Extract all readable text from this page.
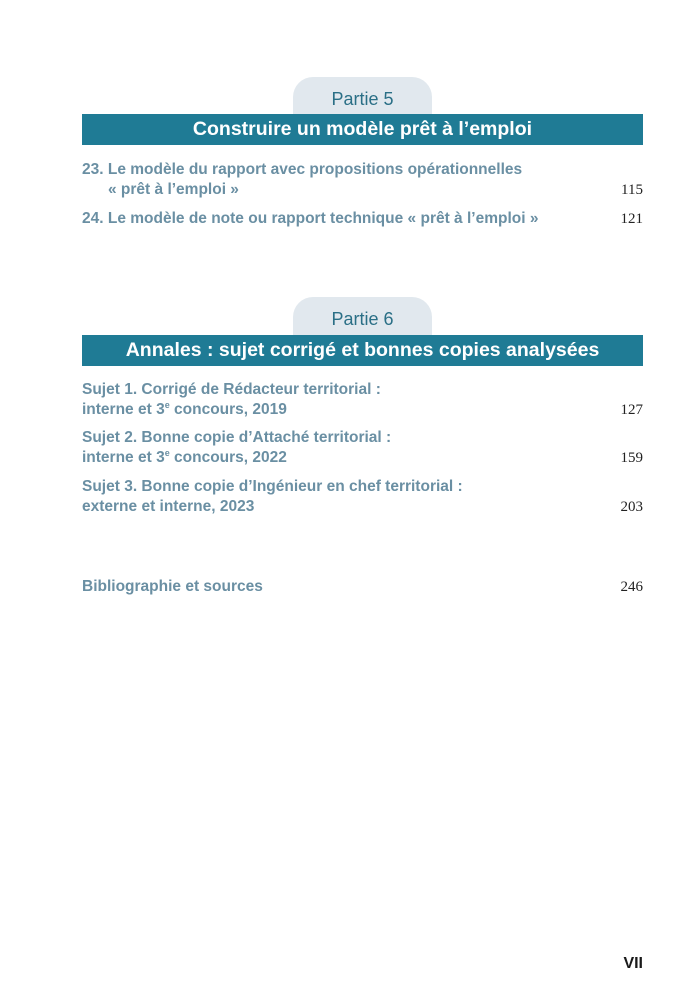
Partie 5
Construire un modèle prêt à l’emploi
23. Le modèle du rapport avec propositions opérationnelles
« prêt à l’emploi »	115
24. Le modèle de note ou rapport technique « prêt à l’emploi »	121
Partie 6
Annales : sujet corrigé et bonnes copies analysées
Sujet 1. Corrigé de Rédacteur territorial :
interne et 3e concours, 2019	127
Sujet 2. Bonne copie d’Attaché territorial :
interne et 3e concours, 2022	159
Sujet 3. Bonne copie d’Ingénieur en chef territorial :
externe et interne, 2023	203
Bibliographie et sources	246
VII
